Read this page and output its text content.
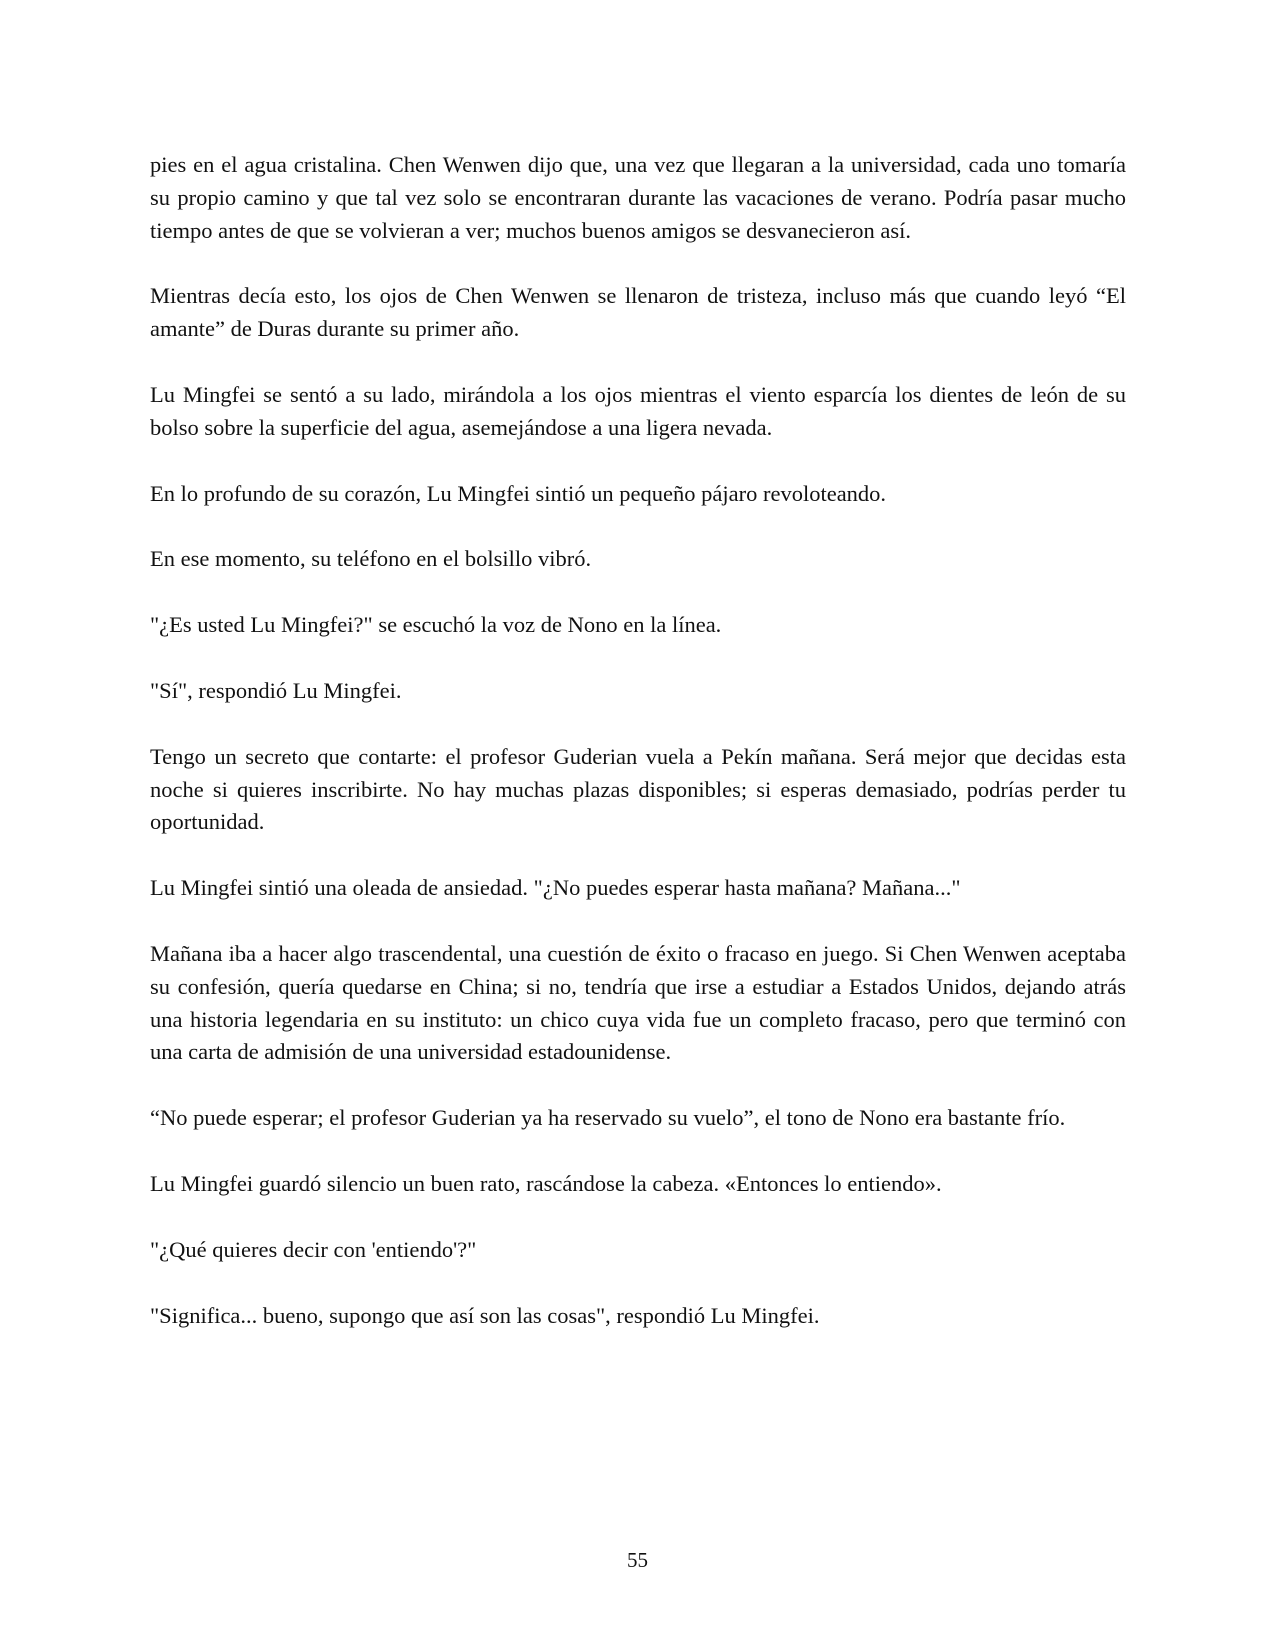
pies en el agua cristalina. Chen Wenwen dijo que, una vez que llegaran a la universidad, cada uno tomaría su propio camino y que tal vez solo se encontraran durante las vacaciones de verano. Podría pasar mucho tiempo antes de que se volvieran a ver; muchos buenos amigos se desvanecieron así.

Mientras decía esto, los ojos de Chen Wenwen se llenaron de tristeza, incluso más que cuando leyó “El amante” de Duras durante su primer año.

Lu Mingfei se sentó a su lado, mirándola a los ojos mientras el viento esparcía los dientes de león de su bolso sobre la superficie del agua, asemejándose a una ligera nevada.

En lo profundo de su corazón, Lu Mingfei sintió un pequeño pájaro revoloteando.

En ese momento, su teléfono en el bolsillo vibró.

"¿Es usted Lu Mingfei?" se escuchó la voz de Nono en la línea.

"Sí", respondió Lu Mingfei.

Tengo un secreto que contarte: el profesor Guderian vuela a Pekín mañana. Será mejor que decidas esta noche si quieres inscribirte. No hay muchas plazas disponibles; si esperas demasiado, podrías perder tu oportunidad.

Lu Mingfei sintió una oleada de ansiedad. "¿No puedes esperar hasta mañana? Mañana..."

Mañana iba a hacer algo trascendental, una cuestión de éxito o fracaso en juego. Si Chen Wenwen aceptaba su confesión, quería quedarse en China; si no, tendría que irse a estudiar a Estados Unidos, dejando atrás una historia legendaria en su instituto: un chico cuya vida fue un completo fracaso, pero que terminó con una carta de admisión de una universidad estadounidense.

“No puede esperar; el profesor Guderian ya ha reservado su vuelo”, el tono de Nono era bastante frío.

Lu Mingfei guardó silencio un buen rato, rascándose la cabeza. «Entonces lo entiendo».

"¿Qué quieres decir con 'entiendo'?"

"Significa... bueno, supongo que así son las cosas", respondió Lu Mingfei.

55
